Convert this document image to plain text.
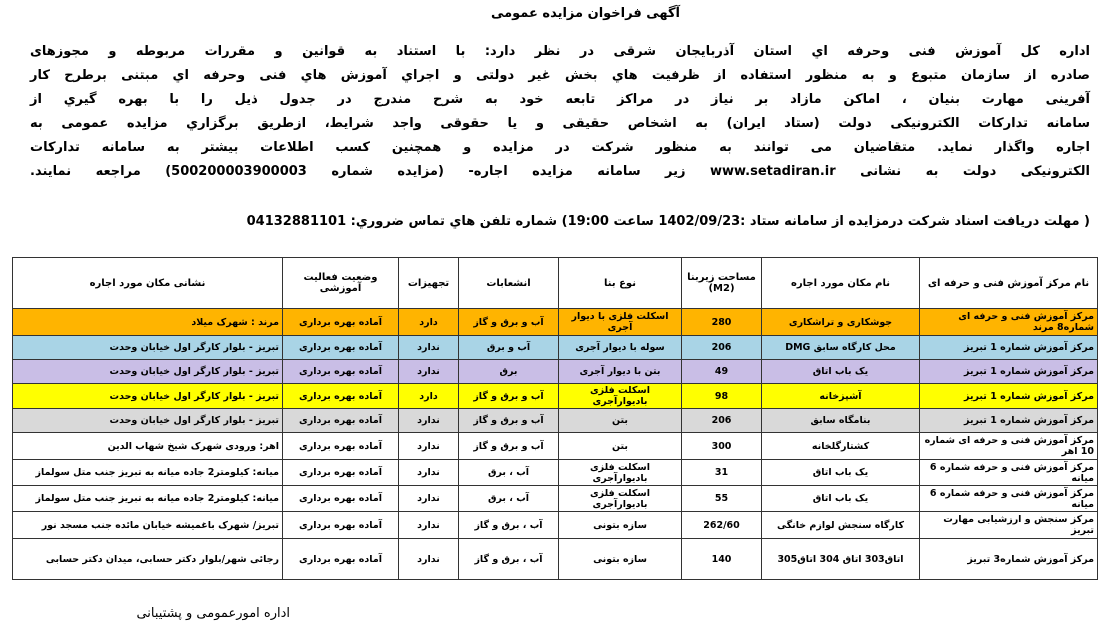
آگهی فراخوان مزایده عمومی

اداره کل آموزش فنی وحرفه اي استان آذربايجان شرقی در نظر دارد: با استناد به قوانین و مقررات مربوطه و مجوزهای

صادره از سازمان متبوع و به منظور استفاده از ظرفیت هاي بخش غیر دولتی و اجراي آموزش هاي فنی وحرفه اي مبتنی برطرح کار

آفرینی مهارت بنیان ، اماکن مازاد بر نیاز در مراکز تابعه خود به شرح مندرج در جدول ذیل را با بهره گیري از

سامانه تدارکات الکترونیکی دولت (ستاد ایران) به اشخاص حقیقی و یا حقوقی واجد شرایط، ازطریق برگزاري مزایده عمومی به

اجاره واگذار نماید. متقاضیان می توانند به منظور شرکت در مزایده و همچنین کسب اطلاعات بیشتر به سامانه تدارکات

الکترونیکی دولت به نشانی www.setadiran.ir زیر سامانه مزایده اجاره- (مزایده شماره 500200003900003) مراجعه نمایند.

( مهلت دریافت اسناد شرکت درمزایده از سامانه ستاد :1402/09/23 ساعت 19:00) شماره تلفن هاي تماس ضروري: 04132881101
نام مرکز آموزش فنی و حرفه ای	نام مکان مورد اجاره	مساحت زیربنا (M2)	نوع بنا	انشعابات	تجهیزات	وضعیت فعالیت آموزشی	نشانی مکان مورد اجاره
مرکز آموزش فنی و حرفه ای شماره8 مرند	جوشکاری و تراشکاری	280	اسکلت فلزی با دیوار آجری	آب و برق و گاز	دارد	آماده بهره برداری	مرند : شهرک میلاد
مرکز آموزش شماره 1 تبریز	محل کارگاه سابق DMG	206	سوله با دیوار آجری	آب و برق	ندارد	آماده بهره برداری	تبریز - بلوار کارگر اول خیابان وحدت
مرکز آموزش شماره 1 تبریز	یک باب اتاق	49	بتن با دیوار آجری	برق	ندارد	آماده بهره برداری	تبریز - بلوار کارگر اول خیابان وحدت
مرکز آموزش شماره 1 تبریز	آشپزخانه	98	اسکلت فلزی بادیوارآجری	آب و برق و گاز	دارد	آماده بهره برداری	تبریز - بلوار کارگر اول خیابان وحدت
مرکز آموزش شماره 1 تبریز	بنامگاه سابق	206	بتن	آب و برق و گاز	ندارد	آماده بهره برداری	تبریز - بلوار کارگر اول خیابان وحدت
مرکز آموزش فنی و حرفه ای شماره 10 اهر	کشتارگلخانه	300	بتن	آب و برق و گاز	ندارد	آماده بهره برداری	اهر: ورودی شهرک شیخ شهاب الدین
مرکز آموزش فنی و حرفه شماره 6 میانه	یک باب اتاق	31	اسکلت فلزی بادیوارآجری	آب ، برق	ندارد	آماده بهره برداری	میانه: کیلومتر2 جاده میانه به تبریز جنب متل سولماز
مرکز آموزش فنی و حرفه شماره 6 میانه	یک باب اتاق	55	اسکلت فلزی بادیوارآجری	آب ، برق	ندارد	آماده بهره برداری	میانه: کیلومتر2 جاده میانه به تبریز جنب متل سولماز
مرکز سنجش و ارزشیابی مهارت تبریز	کارگاه سنجش لوازم خانگی	262/60	سازه بتونی	آب ، برق و گاز	ندارد	آماده بهره برداری	تبریز/ شهرک باغمیشه خیابان مائده جنب مسجد نور
مرکز آموزش شماره3 تبریز	اتاق303 اتاق 304 اتاق305	140	سازه بتونی	آب ، برق و گاز	ندارد	آماده بهره برداری	رجائی شهر/بلوار دکتر حسابی، میدان دکتر حسابی
اداره امورعمومی و پشتیبانی
